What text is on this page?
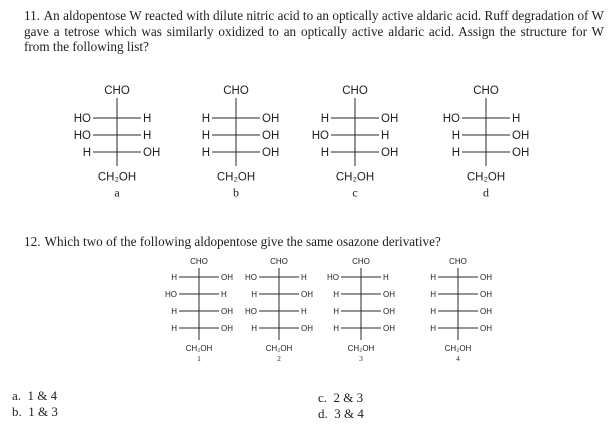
11. An aldopentose W reacted with dilute nitric acid to an optically active aldaric acid. Ruff degradation of W gave a tetrose which was similarly oxidized to an optically active aldaric acid. Assign the structure for W from the following list?
CHO
HO	H
HO	H
H	OH
CH₂OH
a
CHO
H	OH
H	OH
H	OH
CH₂OH
b
CHO
H	OH
HO	H
H	OH
CH₂OH
c
CHO
HO	H
H	OH
H	OH
CH₂OH
d
12. Which two of the following aldopentose give the same osazone derivative?
CHO
H	OH
HO	H
H	OH
H	OH
CH₂OH
1
CHO
HO	H
H	OH
HO	H
H	OH
CH₂OH
2
CHO
HO	H
H	OH
H	OH
H	OH
CH₂OH
3
CHO
H	OH
H	OH
H	OH
H	OH
CH₂OH
4
a. 1 & 4
b. 1 & 3
c. 2 & 3
d. 3 & 4
